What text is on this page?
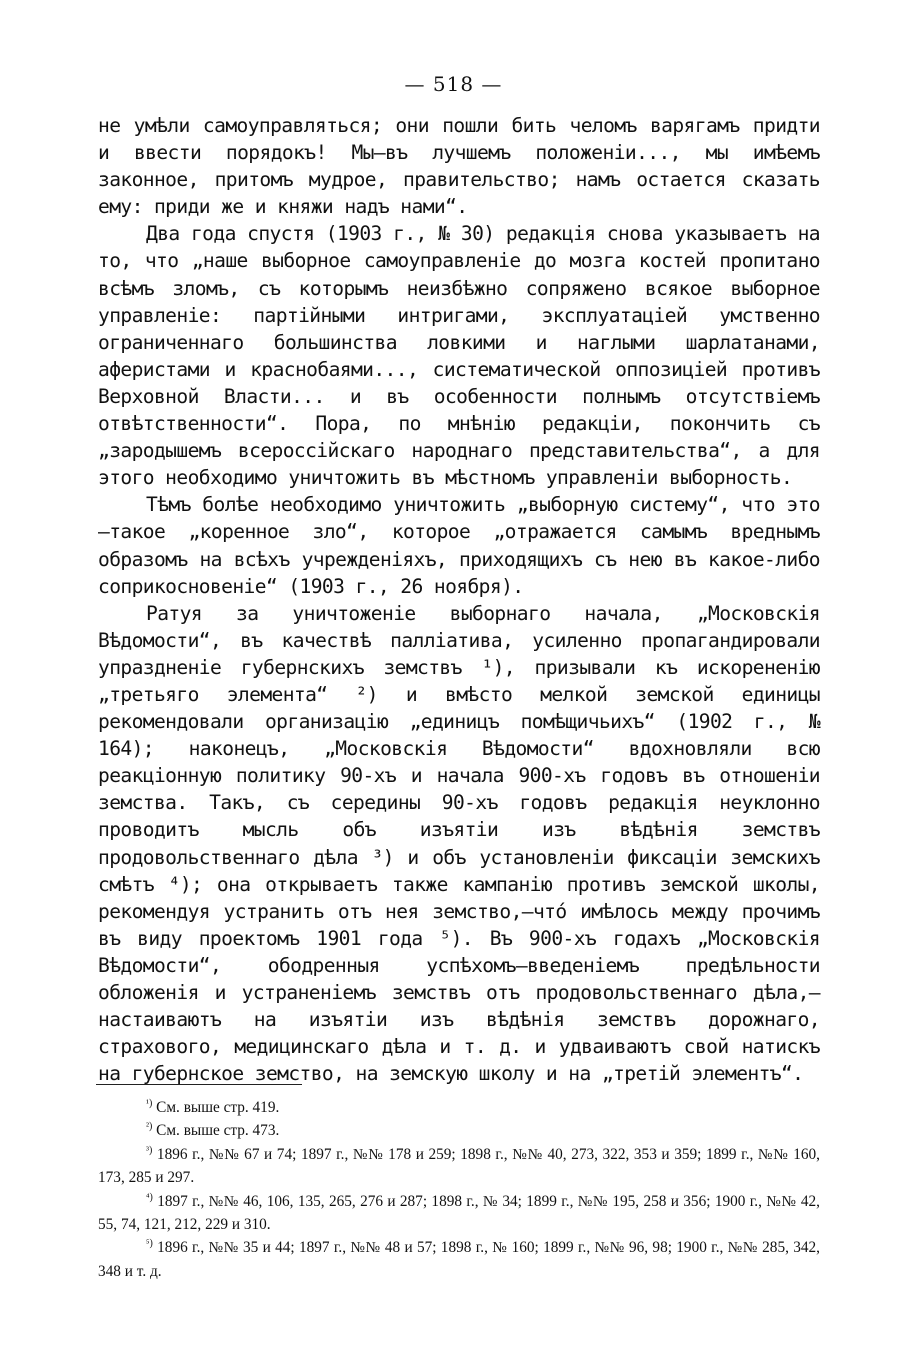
— 518 —

не умѣли самоуправляться; они пошли бить челомъ варягамъ придти и ввести порядокъ! Мы—въ лучшемъ положеніи..., мы имѣемъ законное, притомъ мудрое, правительство; намъ остается сказать ему: приди же и княжи надъ нами“.

Два года спустя (1903 г., № 30) редакція снова указываетъ на то, что „наше выборное самоуправленіе до мозга костей пропитано всѣмъ зломъ, съ которымъ неизбѣжно сопряжено всякое выборное управленіе: партійными интригами, эксплуатаціей умственно ограниченнаго большинства ловкими и наглыми шарлатанами, аферистами и краснобаями..., систематической оппозиціей противъ Верховной Власти... и въ особенности полнымъ отсутствіемъ отвѣтственности“. Пора, по мнѣнію редакціи, покончить съ „зародышемъ всероссійскаго народнаго представительства“, а для этого необходимо уничтожить въ мѣстномъ управленіи выборность.

Тѣмъ болѣе необходимо уничтожить „выборную систему“, что это—такое „коренное зло“, которое „отражается самымъ вреднымъ образомъ на всѣхъ учрежденіяхъ, приходящихъ съ нею въ какое-либо соприкосновеніе“ (1903 г., 26 ноября).

Ратуя за уничтоженіе выборнаго начала, „Московскія Вѣдомости“, въ качествѣ палліатива, усиленно пропагандировали упраздненіе губернскихъ земствъ ¹), призывали къ искорененію „третьяго элемента“ ²) и вмѣсто мелкой земской единицы рекомендовали организацію „единицъ помѣщичьихъ“ (1902 г., № 164); наконецъ, „Московскія Вѣдомости“ вдохновляли всю реакціонную политику 90-хъ и начала 900-хъ годовъ въ отношеніи земства. Такъ, съ середины 90-хъ годовъ редакція неуклонно проводитъ мысль объ изъятіи изъ вѣдѣнія земствъ продовольственнаго дѣла ³) и объ установленіи фиксаціи земскихъ смѣтъ ⁴); она открываетъ также кампанію противъ земской школы, рекомендуя устранить отъ нея земство,—что́ имѣлось между прочимъ въ виду проектомъ 1901 года ⁵). Въ 900-хъ годахъ „Московскія Вѣдомости“, ободренныя успѣхомъ—введеніемъ предѣльности обложенія и устраненіемъ земствъ отъ продовольственнаго дѣла,—настаиваютъ на изъятіи изъ вѣдѣнія земствъ дорожнаго, страхового, медицинскаго дѣла и т. д. и удваиваютъ свой натискъ на губернское земство, на земскую школу и на „третій элементъ“.

$^{^1)}$ См. выше стр. 419.

$^{^2)}$ См. выше стр. 473.

$^{^3)}$ 1896 г., №№ 67 и 74; 1897 г., №№ 178 и 259; 1898 г., №№ 40, 273, 322, 353 и 359; 1899 г., №№ 160, 173, 285 и 297.

$^{^4)}$ 1897 г., №№ 46, 106, 135, 265, 276 и 287; 1898 г., № 34; 1899 г., №№ 195, 258 и 356; 1900 г., №№ 42, 55, 74, 121, 212, 229 и 310.

$^{^5)}$ 1896 г., №№ 35 и 44; 1897 г., №№ 48 и 57; 1898 г., № 160; 1899 г., №№ 96, 98; 1900 г., №№ 285, 342, 348 и т. д.
